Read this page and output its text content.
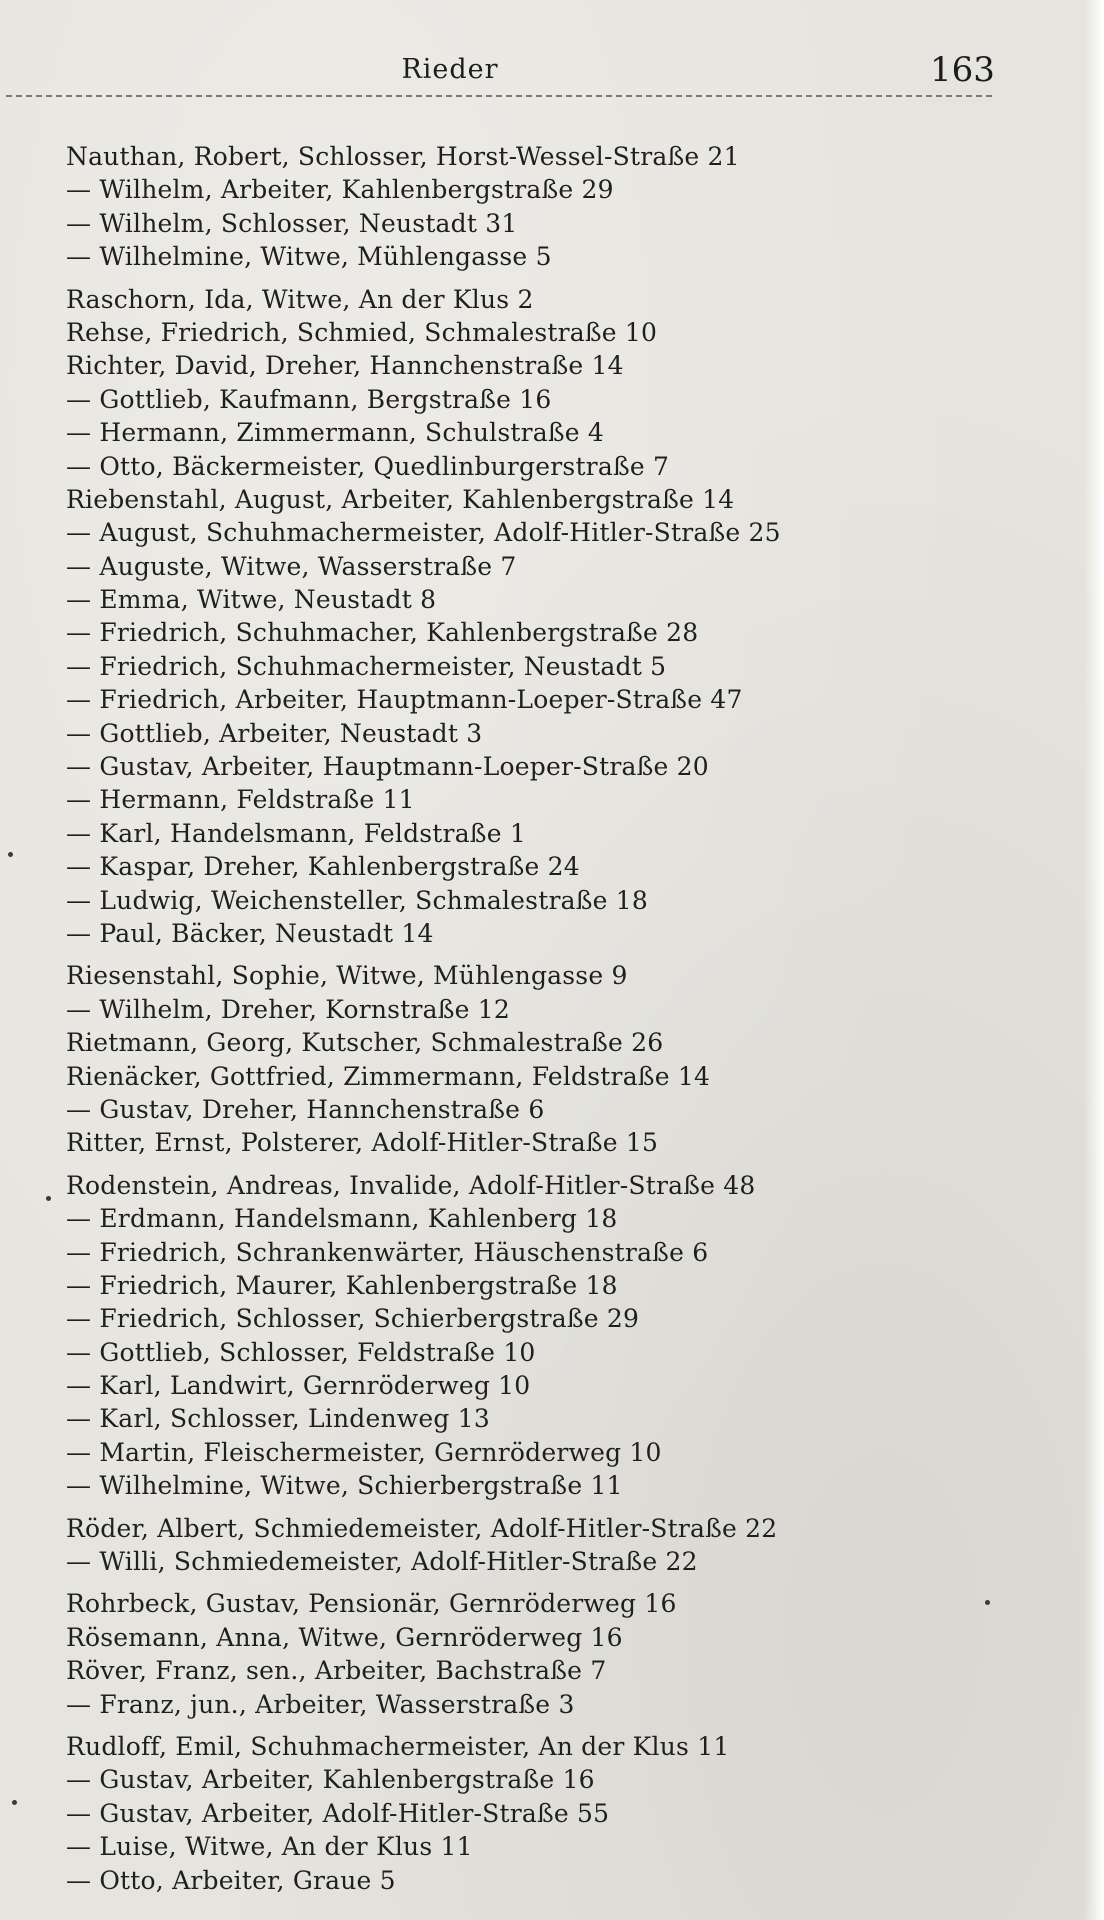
Rieder	163
Nauthan, Robert, Schlosser, Horst-Wessel-Straße 21
— Wilhelm, Arbeiter, Kahlenbergstraße 29
— Wilhelm, Schlosser, Neustadt 31
— Wilhelmine, Witwe, Mühlengasse 5
Raschorn, Ida, Witwe, An der Klus 2
Rehse, Friedrich, Schmied, Schmalestraße 10
Richter, David, Dreher, Hannchenstraße 14
— Gottlieb, Kaufmann, Bergstraße 16
— Hermann, Zimmermann, Schulstraße 4
— Otto, Bäckermeister, Quedlinburgerstraße 7
Riebenstahl, August, Arbeiter, Kahlenbergstraße 14
— August, Schuhmachermeister, Adolf-Hitler-Straße 25
— Auguste, Witwe, Wasserstraße 7
— Emma, Witwe, Neustadt 8
— Friedrich, Schuhmacher, Kahlenbergstraße 28
— Friedrich, Schuhmachermeister, Neustadt 5
— Friedrich, Arbeiter, Hauptmann-Loeper-Straße 47
— Gottlieb, Arbeiter, Neustadt 3
— Gustav, Arbeiter, Hauptmann-Loeper-Straße 20
— Hermann, Feldstraße 11
— Karl, Handelsmann, Feldstraße 1
— Kaspar, Dreher, Kahlenbergstraße 24
— Ludwig, Weichensteller, Schmalestraße 18
— Paul, Bäcker, Neustadt 14
Riesenstahl, Sophie, Witwe, Mühlengasse 9
— Wilhelm, Dreher, Kornstraße 12
Rietmann, Georg, Kutscher, Schmalestraße 26
Rienäcker, Gottfried, Zimmermann, Feldstraße 14
— Gustav, Dreher, Hannchenstraße 6
Ritter, Ernst, Polsterer, Adolf-Hitler-Straße 15
Rodenstein, Andreas, Invalide, Adolf-Hitler-Straße 48
— Erdmann, Handelsmann, Kahlenberg 18
— Friedrich, Schrankenwärter, Häuschenstraße 6
— Friedrich, Maurer, Kahlenbergstraße 18
— Friedrich, Schlosser, Schierbergstraße 29
— Gottlieb, Schlosser, Feldstraße 10
— Karl, Landwirt, Gernröderweg 10
— Karl, Schlosser, Lindenweg 13
— Martin, Fleischermeister, Gernröderweg 10
— Wilhelmine, Witwe, Schierbergstraße 11
Röder, Albert, Schmiedemeister, Adolf-Hitler-Straße 22
— Willi, Schmiedemeister, Adolf-Hitler-Straße 22
Rohrbeck, Gustav, Pensionär, Gernröderweg 16
Rösemann, Anna, Witwe, Gernröderweg 16
Röver, Franz, sen., Arbeiter, Bachstraße 7
— Franz, jun., Arbeiter, Wasserstraße 3
Rudloff, Emil, Schuhmachermeister, An der Klus 11
— Gustav, Arbeiter, Kahlenbergstraße 16
— Gustav, Arbeiter, Adolf-Hitler-Straße 55
— Luise, Witwe, An der Klus 11
— Otto, Arbeiter, Graue 5
